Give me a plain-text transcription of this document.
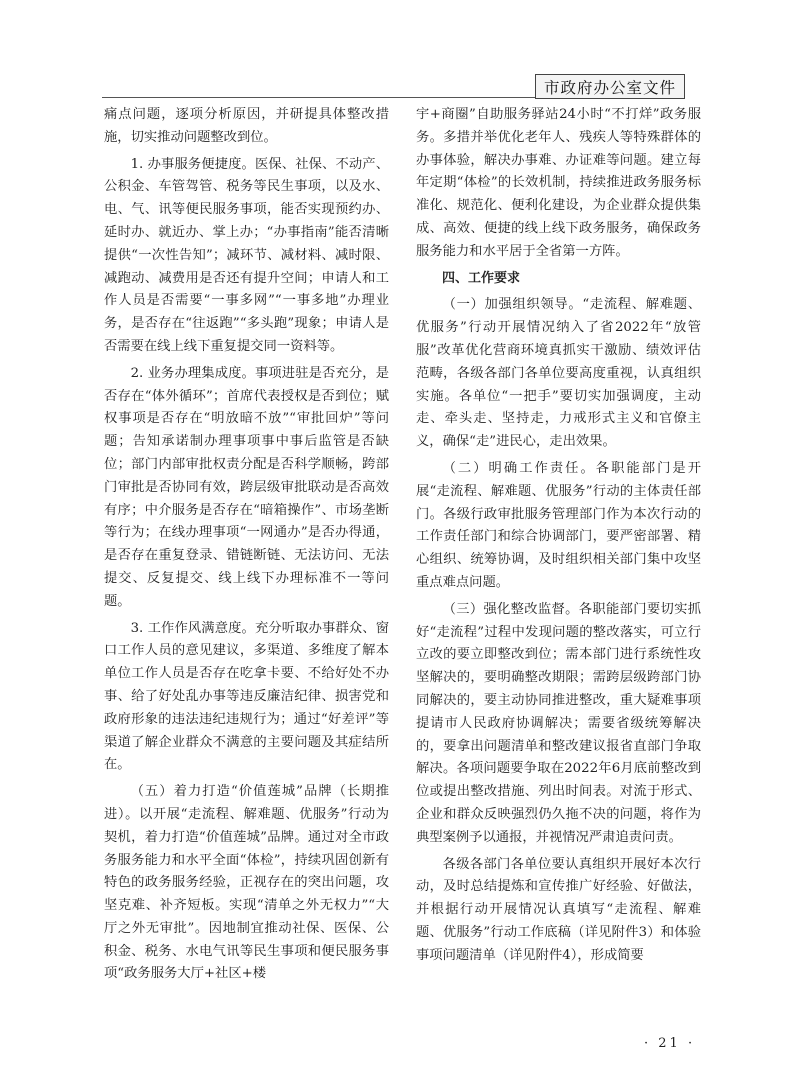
市政府办公室文件

痛点问题，逐项分析原因，并研提具体整改措施，切实推动问题整改到位。

1. 办事服务便捷度。医保、社保、不动产、公积金、车管驾管、税务等民生事项，以及水、电、气、讯等便民服务事项，能否实现预约办、延时办、就近办、掌上办；“办事指南”能否清晰提供“一次性告知”；减环节、减材料、减时限、减跑动、减费用是否还有提升空间；申请人和工作人员是否需要“一事多网”“一事多地”办理业务，是否存在“往返跑”“多头跑”现象；申请人是否需要在线上线下重复提交同一资料等。

2. 业务办理集成度。事项进驻是否充分，是否存在“体外循环”；首席代表授权是否到位；赋权事项是否存在“明放暗不放”“审批回炉”等问题；告知承诺制办理事项事中事后监管是否缺位；部门内部审批权责分配是否科学顺畅，跨部门审批是否协同有效，跨层级审批联动是否高效有序；中介服务是否存在“暗箱操作”、市场垄断等行为；在线办理事项“一网通办”是否办得通，是否存在重复登录、错链断链、无法访问、无法提交、反复提交、线上线下办理标准不一等问题。

3. 工作作风满意度。充分听取办事群众、窗口工作人员的意见建议，多渠道、多维度了解本单位工作人员是否存在吃拿卡要、不给好处不办事、给了好处乱办事等违反廉洁纪律、损害党和政府形象的违法违纪违规行为；通过“好差评”等渠道了解企业群众不满意的主要问题及其症结所在。

（五）着力打造“价值莲城”品牌（长期推进）。以开展“走流程、解难题、优服务”行动为契机，着力打造“价值莲城”品牌。通过对全市政务服务能力和水平全面“体检”，持续巩固创新有特色的政务服务经验，正视存在的突出问题，攻坚克难、补齐短板。实现“清单之外无权力”“大厅之外无审批”。因地制宜推动社保、医保、公积金、税务、水电气讯等民生事项和便民服务事项“政务服务大厅+社区+楼

宇+商圈”自助服务驿站24小时“不打烊”政务服务。多措并举优化老年人、残疾人等特殊群体的办事体验，解决办事难、办证难等问题。建立每年定期“体检”的长效机制，持续推进政务服务标准化、规范化、便利化建设，为企业群众提供集成、高效、便捷的线上线下政务服务，确保政务服务能力和水平居于全省第一方阵。

四、工作要求

（一）加强组织领导。“走流程、解难题、优服务”行动开展情况纳入了省2022年“放管服”改革优化营商环境真抓实干激励、绩效评估范畴，各级各部门各单位要高度重视，认真组织实施。各单位“一把手”要切实加强调度，主动走、牵头走、坚持走，力戒形式主义和官僚主义，确保“走”进民心，走出效果。

（二）明确工作责任。各职能部门是开展“走流程、解难题、优服务”行动的主体责任部门。各级行政审批服务管理部门作为本次行动的工作责任部门和综合协调部门，要严密部署、精心组织、统筹协调，及时组织相关部门集中攻坚重点难点问题。

（三）强化整改监督。各职能部门要切实抓好“走流程”过程中发现问题的整改落实，可立行立改的要立即整改到位；需本部门进行系统性攻坚解决的，要明确整改期限；需跨层级跨部门协同解决的，要主动协同推进整改，重大疑难事项提请市人民政府协调解决；需要省级统筹解决的，要拿出问题清单和整改建议报省直部门争取解决。各项问题要争取在2022年6月底前整改到位或提出整改措施、列出时间表。对流于形式、企业和群众反映强烈仍久拖不决的问题，将作为典型案例予以通报，并视情况严肃追责问责。

各级各部门各单位要认真组织开展好本次行动，及时总结提炼和宣传推广好经验、好做法，并根据行动开展情况认真填写“走流程、解难题、优服务”行动工作底稿（详见附件3）和体验事项问题清单（详见附件4），形成简要

· 21 ·
